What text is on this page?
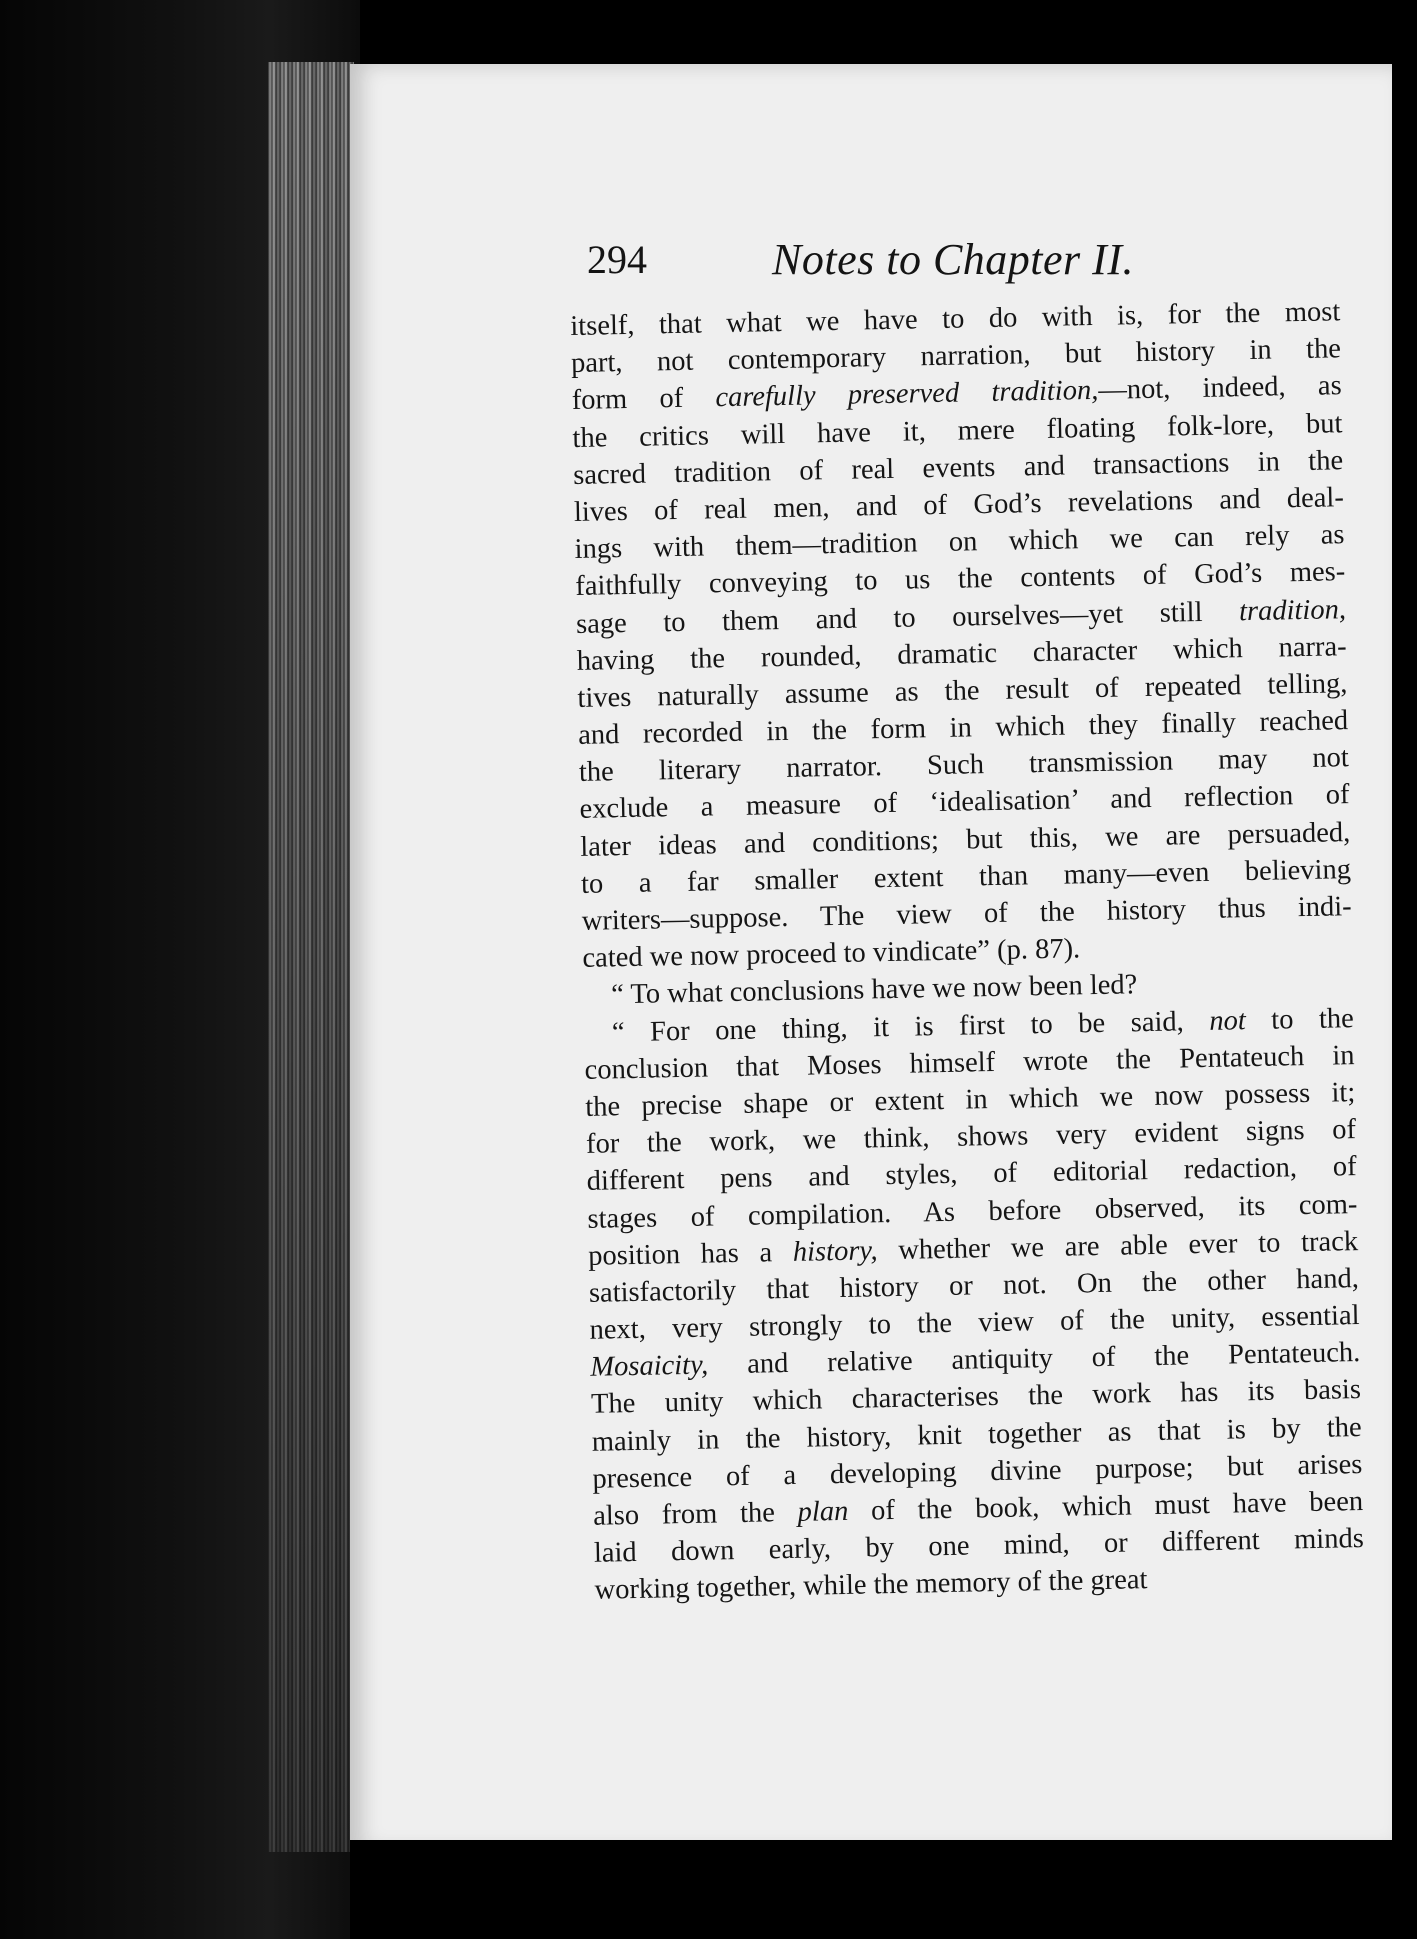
294	Notes to Chapter II.
itself, that what we have to do with is, for the most
part, not contemporary narration, but history in the
form of carefully preserved tradition,—not, indeed, as
the critics will have it, mere floating folk-lore, but
sacred tradition of real events and transactions in the
lives of real men, and of God’s revelations and deal-
ings with them—tradition on which we can rely as
faithfully conveying to us the contents of God’s mes-
sage to them and to ourselves—yet still tradition,
having the rounded, dramatic character which narra-
tives naturally assume as the result of repeated telling,
and recorded in the form in which they finally reached
the literary narrator. Such transmission may not
exclude a measure of ‘idealisation’ and reflection of
later ideas and conditions; but this, we are persuaded,
to a far smaller extent than many—even believing
writers—suppose. The view of the history thus indi-
cated we now proceed to vindicate” (p. 87).
“ To what conclusions have we now been led?
“ For one thing, it is first to be said, not to the
conclusion that Moses himself wrote the Pentateuch in
the precise shape or extent in which we now possess it;
for the work, we think, shows very evident signs of
different pens and styles, of editorial redaction, of
stages of compilation. As before observed, its com-
position has a history, whether we are able ever to track
satisfactorily that history or not. On the other hand,
next, very strongly to the view of the unity, essential
Mosaicity, and relative antiquity of the Pentateuch.
The unity which characterises the work has its basis
mainly in the history, knit together as that is by the
presence of a developing divine purpose; but arises
also from the plan of the book, which must have been
laid down early, by one mind, or different minds
working together, while the memory of the great
